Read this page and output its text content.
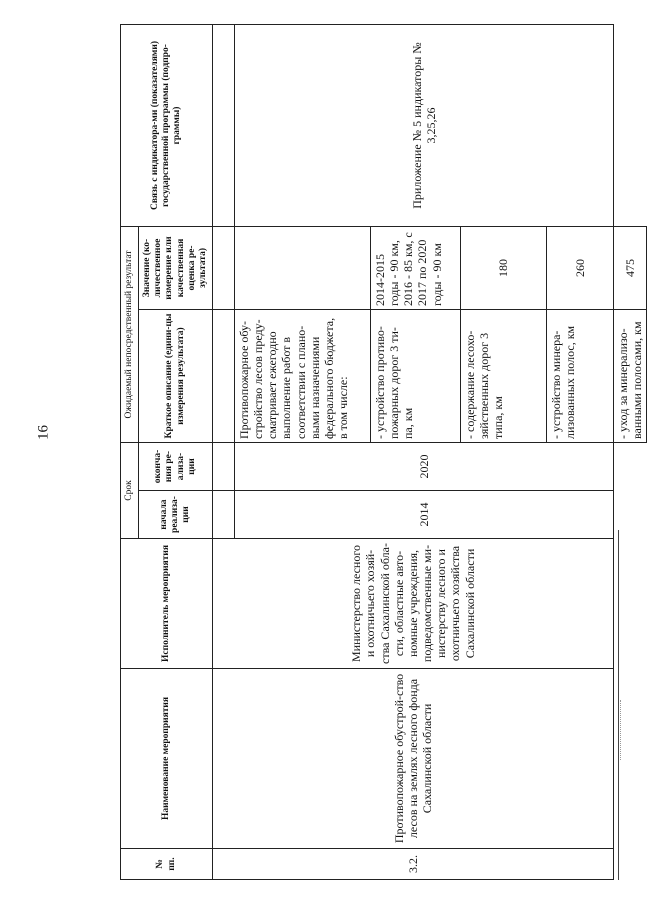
16
№ пп.	Наименование мероприятия	Исполнитель мероприятия	Срок		Ожидаемый непосредственный результат		Связь с индикатора-ми (показателями) государственной программы (подпро-граммы)
			начала реализа-ции	оконча-ния ре-ализа-ции	Краткое описание (едини-цы измерения результата)	Значение (ко-личественное измерение или качественная оценка ре-зультата)	
3.2.	Противопожарное обустрой-ство лесов на землях лесного фонда Сахалинской области	Министерство лесного и охотничьего хозяй-ства Сахалинской обла-сти, областные авто-номные учреждения, подведомственные ми-нистерству лесного и охотничьего хозяйства Сахалинской области					
			2014	2020	Противопожарное обу-стройство лесов преду-сматривает ежегодно выполнение работ в соответствии с плано-выми назначениями федерального бюджета, в том числе:		Приложение № 5 индикаторы № 3,25,26
					- устройство противо-пожарных дорог 3 ти-па, км	2014-2015 годы - 90 км, 2016 - 85 км, с 2017 по 2020 годы - 90 км	
					- содержание лесохо-зяйственных дорог 3 типа, км	180	
					- устройство минера-лизованных полос, км	260	
					- уход за минерализо-ванными полосами, км	475	
